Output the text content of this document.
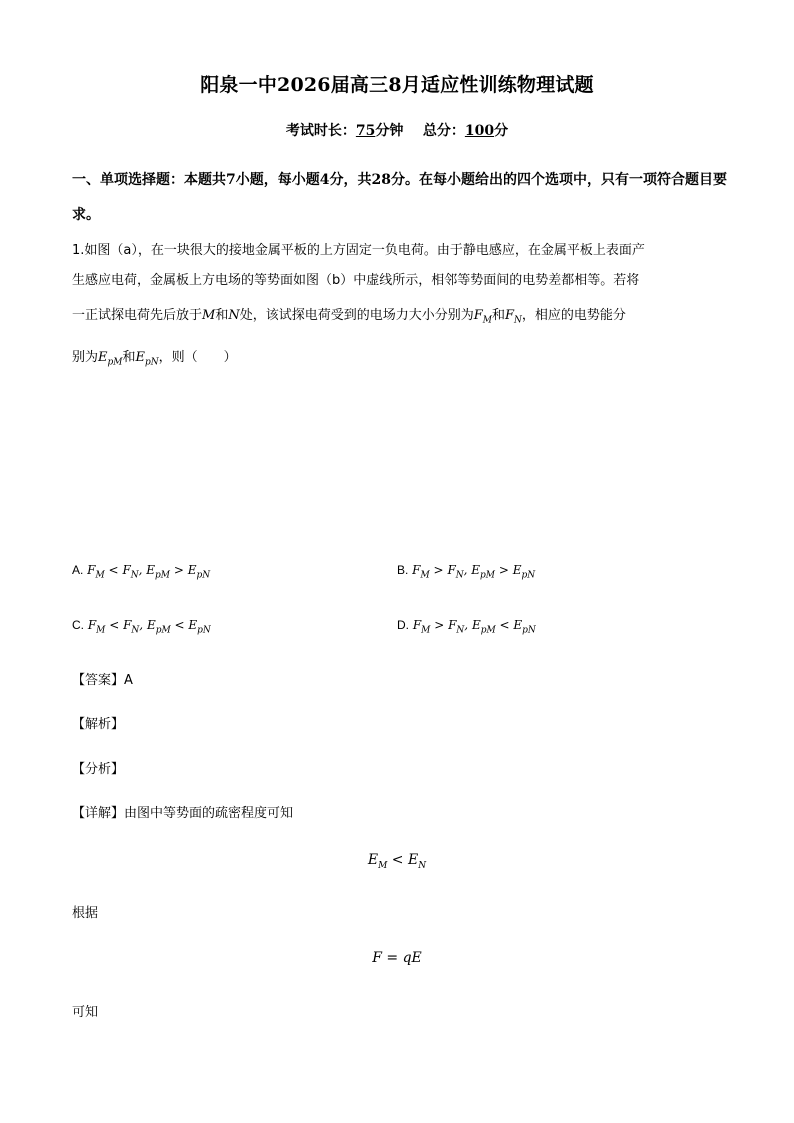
阳泉一中2026届高三8月适应性训练物理试题
考试时长：75分钟 总分：100分
一、单项选择题：本题共7小题，每小题4分，共28分。在每小题给出的四个选项中，只有一项符合题目要求。
1.如图（a），在一块很大的接地金属平板的上方固定一负电荷。由于静电感应，在金属平板上表面产
生感应电荷，金属板上方电场的等势面如图（b）中虚线所示，相邻等势面间的电势差都相等。若将
一正试探电荷先后放于M和N处，该试探电荷受到的电场力大小分别为$F_M$和$F_N$，相应的电势能分
别为$E_{pM}$和$E_{pN}$，则（　　）
A. $F_M < F_N$, $E_{pM} > E_{pN}$	B. $F_M > F_N$, $E_{pM} > E_{pN}$
C. $F_M < F_N$, $E_{pM} < E_{pN}$	D. $F_M > F_N$, $E_{pM} < E_{pN}$
【答案】A
【解析】
【分析】
【详解】由图中等势面的疏密程度可知
$E_M < E_N$
根据
F = qE
可知
